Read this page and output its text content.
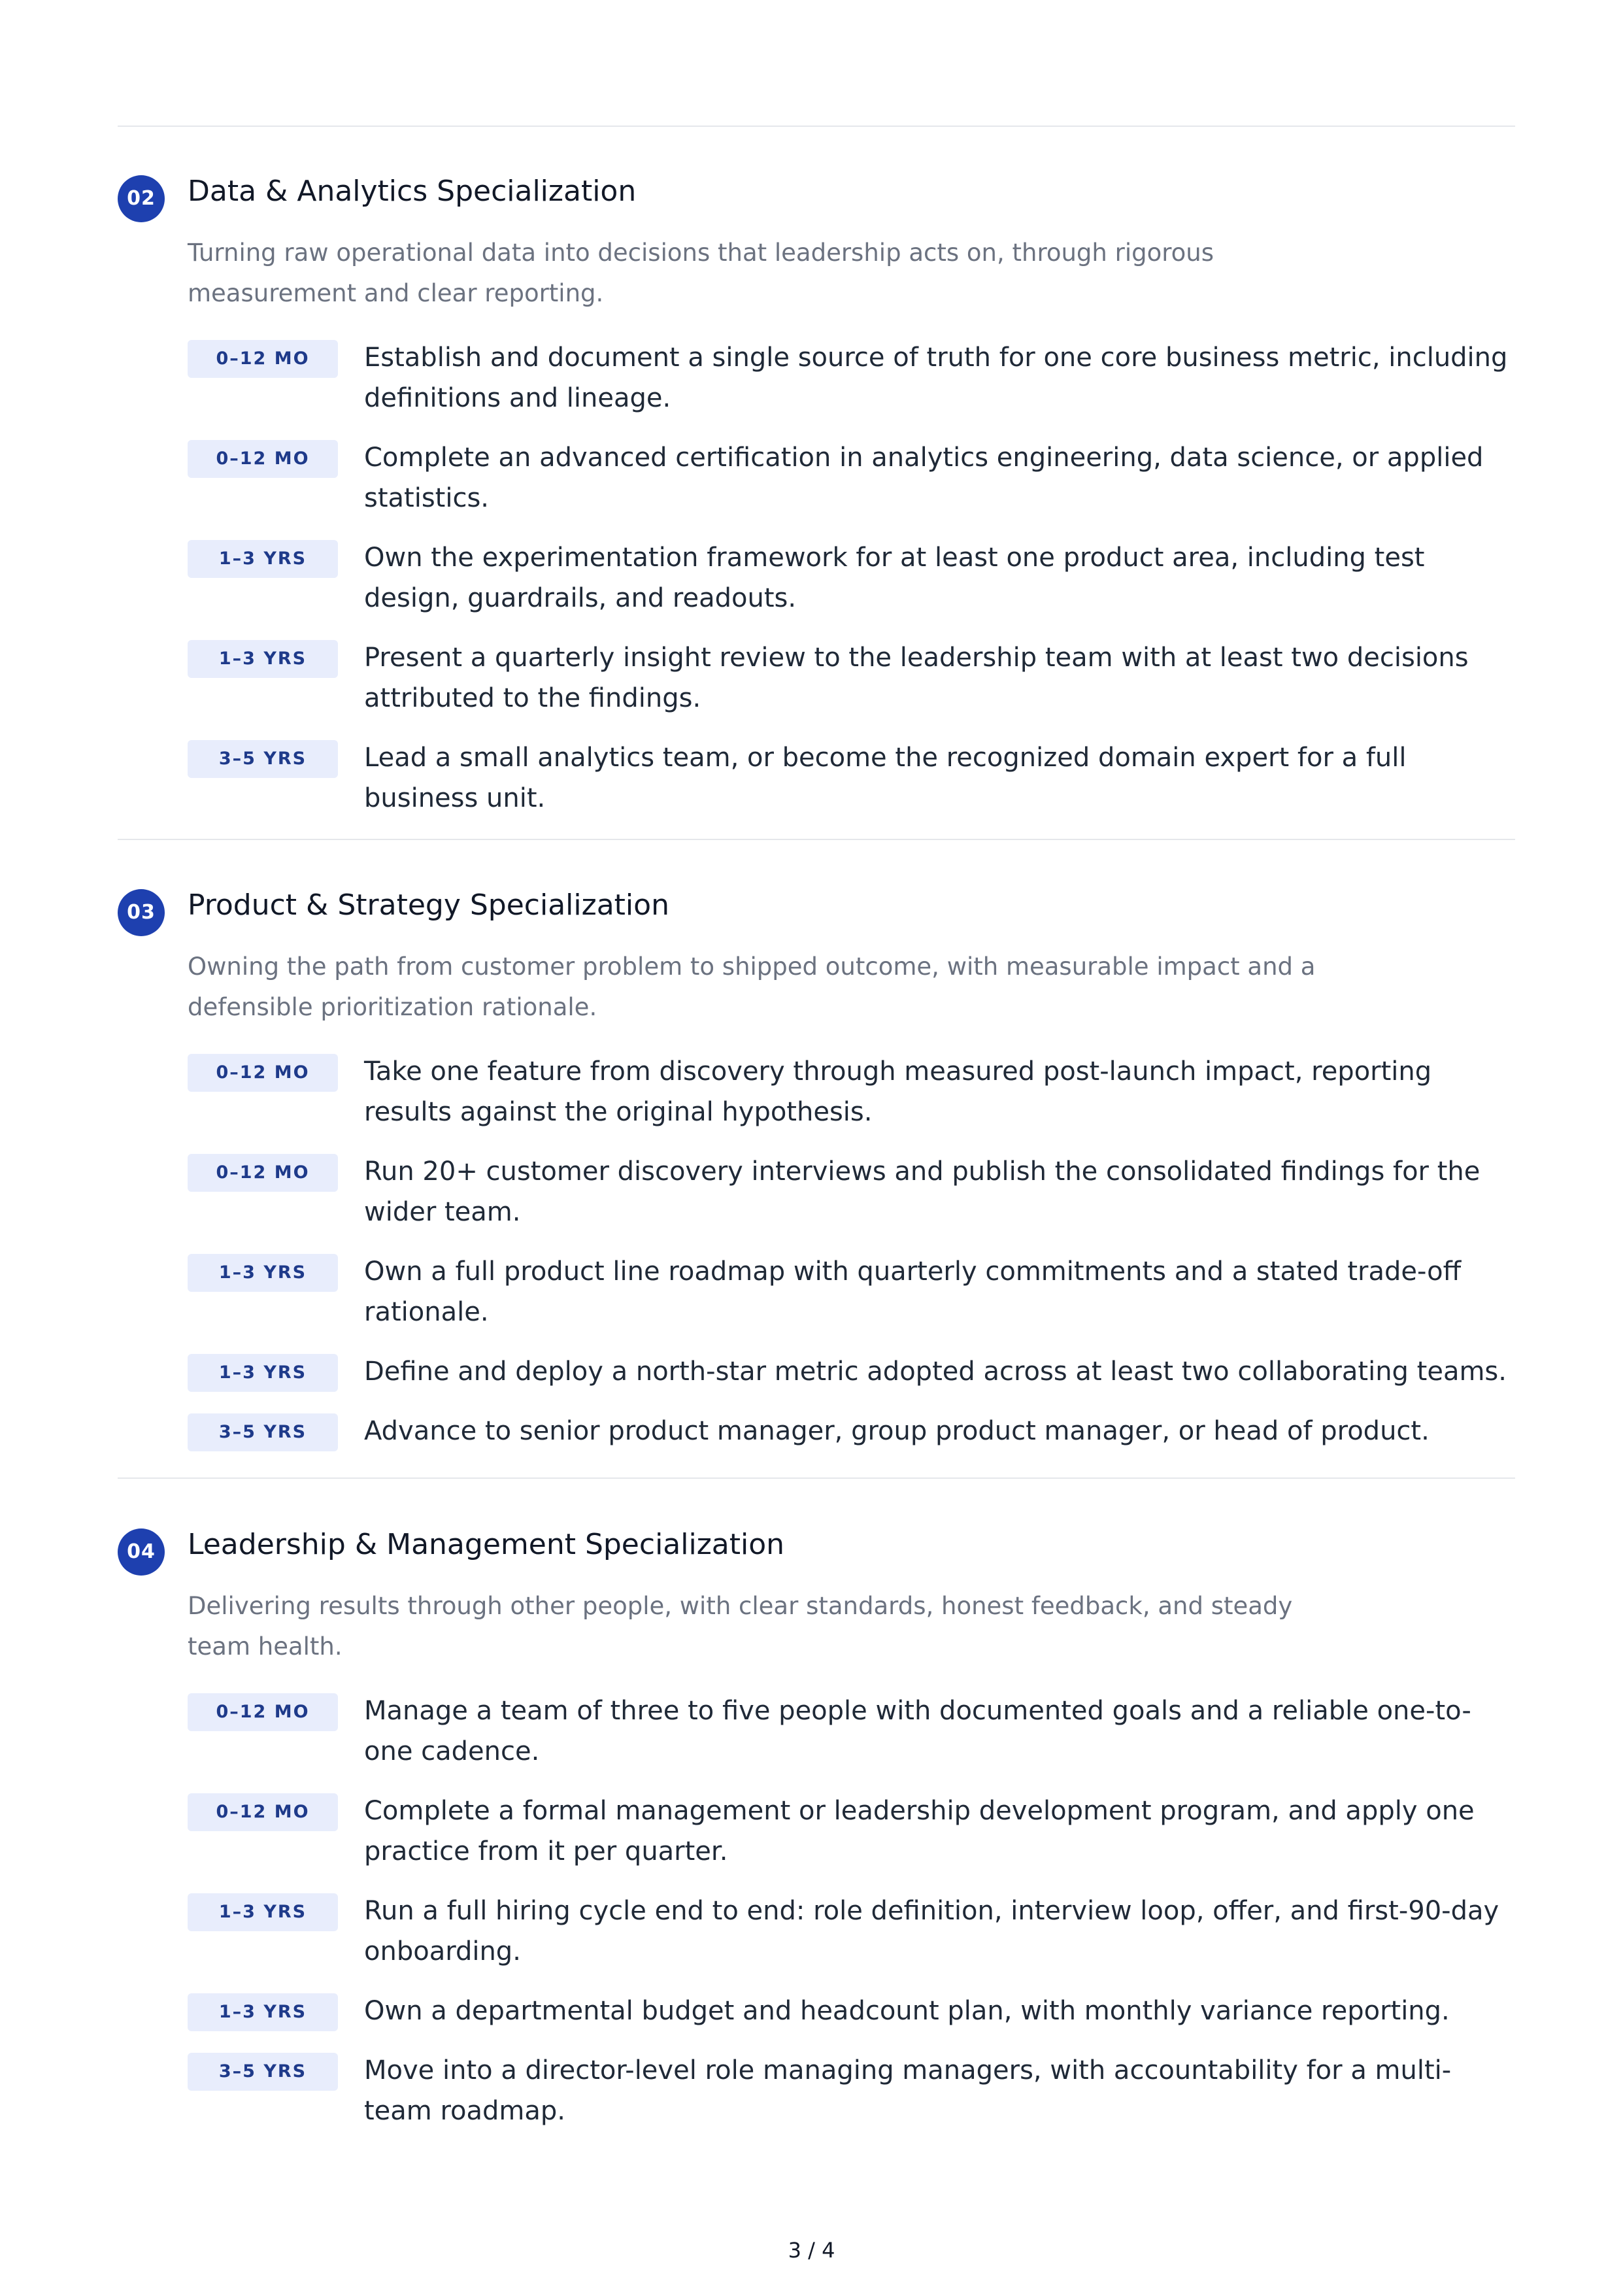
02	Data & Analytics Specialization

Turning raw operational data into decisions that leadership acts on, through rigorous measurement and clear reporting.

0–12 MO	Establish and document a single source of truth for one core business metric, including definitions and lineage.
0–12 MO	Complete an advanced certification in analytics engineering, data science, or applied statistics.
1–3 YRS	Own the experimentation framework for at least one product area, including test design, guardrails, and readouts.
1–3 YRS	Present a quarterly insight review to the leadership team with at least two decisions attributed to the findings.
3–5 YRS	Lead a small analytics team, or become the recognized domain expert for a full business unit.
03	Product & Strategy Specialization

Owning the path from customer problem to shipped outcome, with measurable impact and a defensible prioritization rationale.

0–12 MO	Take one feature from discovery through measured post-launch impact, reporting results against the original hypothesis.
0–12 MO	Run 20+ customer discovery interviews and publish the consolidated findings for the wider team.
1–3 YRS	Own a full product line roadmap with quarterly commitments and a stated trade-off rationale.
1–3 YRS	Define and deploy a north-star metric adopted across at least two collaborating teams.
3–5 YRS	Advance to senior product manager, group product manager, or head of product.
04	Leadership & Management Specialization

Delivering results through other people, with clear standards, honest feedback, and steady team health.

0–12 MO	Manage a team of three to five people with documented goals and a reliable one-to-one cadence.
0–12 MO	Complete a formal management or leadership development program, and apply one practice from it per quarter.
1–3 YRS	Run a full hiring cycle end to end: role definition, interview loop, offer, and first-90-day onboarding.
1–3 YRS	Own a departmental budget and headcount plan, with monthly variance reporting.
3–5 YRS	Move into a director-level role managing managers, with accountability for a multi-team roadmap.
3 / 4
